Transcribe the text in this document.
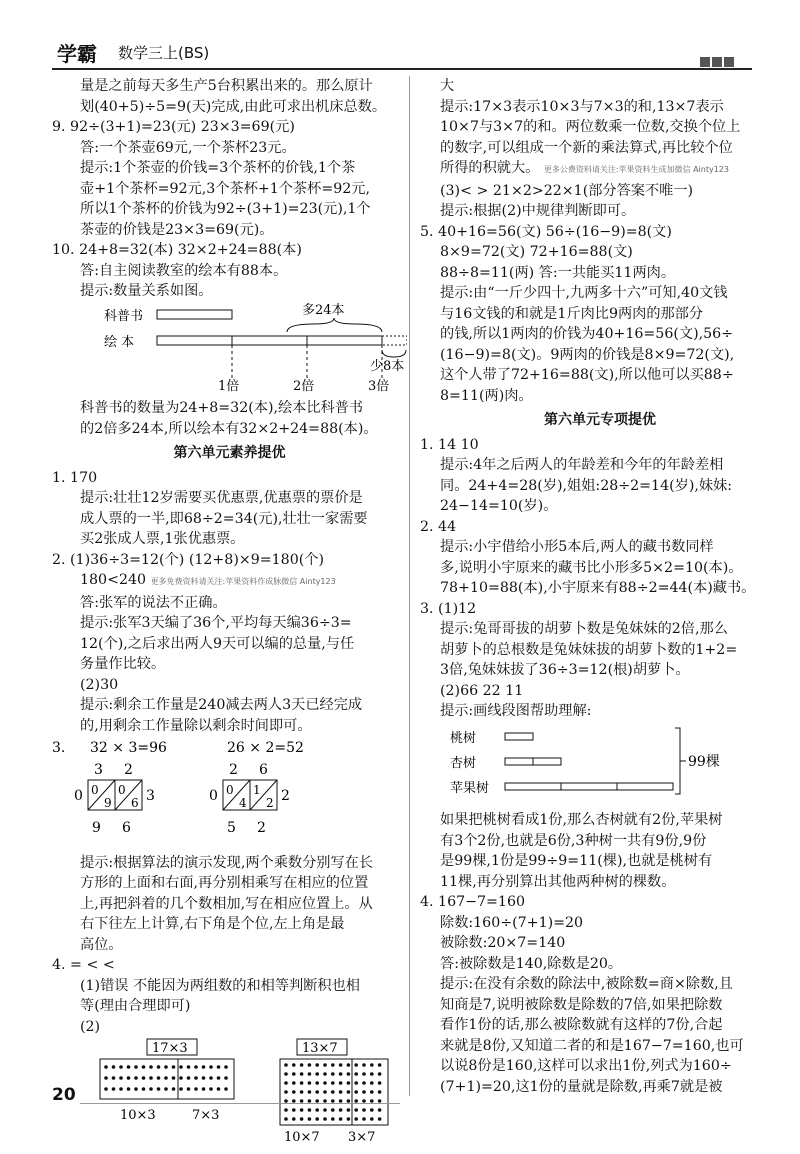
学霸 数学三上(BS)

量是之前每天多生产5台积累出来的。那么原计

划(40+5)÷5=9(天)完成,由此可求出机床总数。

9. 92÷(3+1)=23(元) 23×3=69(元)

答:一个茶壶69元,一个茶杯23元。

提示:1个茶壶的价钱=3个茶杯的价钱,1个茶

壶+1个茶杯=92元,3个茶杯+1个茶杯=92元,

所以1个茶杯的价钱为92÷(3+1)=23(元),1个

茶壶的价钱是23×3=69(元)。

10. 24+8=32(本) 32×2+24=88(本)

答:自主阅读教室的绘本有88本。

提示:数量关系如图。

科普书
绘 本
多24本
少8本
1倍	2倍	3倍

科普书的数量为24+8=32(本),绘本比科普书

的2倍多24本,所以绘本有32×2+24=88(本)。

第六单元素养提优

1. 170

提示:壮壮12岁需要买优惠票,优惠票的票价是

成人票的一半,即68÷2=34(元),壮壮一家需要

买2张成人票,1张优惠票。

2. (1)36÷3=12(个) (12+8)×9=180(个)

180<240 更多免费资料请关注:苹果资料作成脉微信 Ainty123

答:张军的说法不正确。

提示:张军3天编了36个,平均每天编36÷3=

12(个),之后求出两人9天可以编的总量,与任

务量作比较。

(2)30

提示:剩余工作量是240减去两人3天已经完成

的,用剩余工作量除以剩余时间即可。

3. 32 × 3=96	26 × 2=52
3 2
0
9
0
6
0	3
9 6
2 6
0
4
1
2
0	2
5 2

提示:根据算法的演示发现,两个乘数分别写在长

方形的上面和右面,再分别相乘写在相应的位置

上,再把斜着的几个数相加,写在相应位置上。从

右下往左上计算,右下角是个位,左上角是最

高位。

4. = < <

(1)错误 不能因为两组数的和相等判断积也相

等(理由合理即可)

(2)

17×3
10×3	7×3
13×7
10×7 3×7

大

提示:17×3表示10×3与7×3的和,13×7表示

10×7与3×7的和。两位数乘一位数,交换个位上

的数字,可以组成一个新的乘法算式,再比较个位

所得的积就大。 更多公费资料请关注:苹果资料生成加微信 Ainty123

(3)< > 21×2>22×1(部分答案不唯一)

提示:根据(2)中规律判断即可。

5. 40+16=56(文) 56÷(16−9)=8(文)

8×9=72(文) 72+16=88(文)

88÷8=11(两) 答:一共能买11两肉。

提示:由“一斤少四十,九两多十六”可知,40文钱

与16文钱的和就是1斤肉比9两肉的那部分

的钱,所以1两肉的价钱为40+16=56(文),56÷

(16−9)=8(文)。9两肉的价钱是8×9=72(文),

这个人带了72+16=88(文),所以他可以买88÷

8=11(两)肉。

第六单元专项提优

1. 14 10

提示:4年之后两人的年龄差和今年的年龄差相

同。24+4=28(岁),姐姐:28÷2=14(岁),妹妹:

24−14=10(岁)。

2. 44

提示:小宇借给小形5本后,两人的藏书数同样

多,说明小宇原来的藏书比小形多5×2=10(本)。

78+10=88(本),小宇原来有88÷2=44(本)藏书。

3. (1)12

提示:兔哥哥拔的胡萝卜数是兔妹妹的2倍,那么

胡萝卜的总根数是兔妹妹拔的胡萝卜数的1+2=

3倍,兔妹妹拔了36÷3=12(根)胡萝卜。

(2)66 22 11

提示:画线段图帮助理解:

桃树
杏树
苹果树
99棵

如果把桃树看成1份,那么杏树就有2份,苹果树

有3个2份,也就是6份,3种树一共有9份,9份

是99棵,1份是99÷9=11(棵),也就是桃树有

11棵,再分别算出其他两种树的棵数。

4. 167−7=160

除数:160÷(7+1)=20

被除数:20×7=140

答:被除数是140,除数是20。

提示:在没有余数的除法中,被除数=商×除数,且

知商是7,说明被除数是除数的7倍,如果把除数

看作1份的话,那么被除数就有这样的7份,合起

来就是8份,又知道二者的和是167−7=160,也可

以说8份是160,这样可以求出1份,列式为160÷

(7+1)=20,这1份的量就是除数,再乘7就是被

20
